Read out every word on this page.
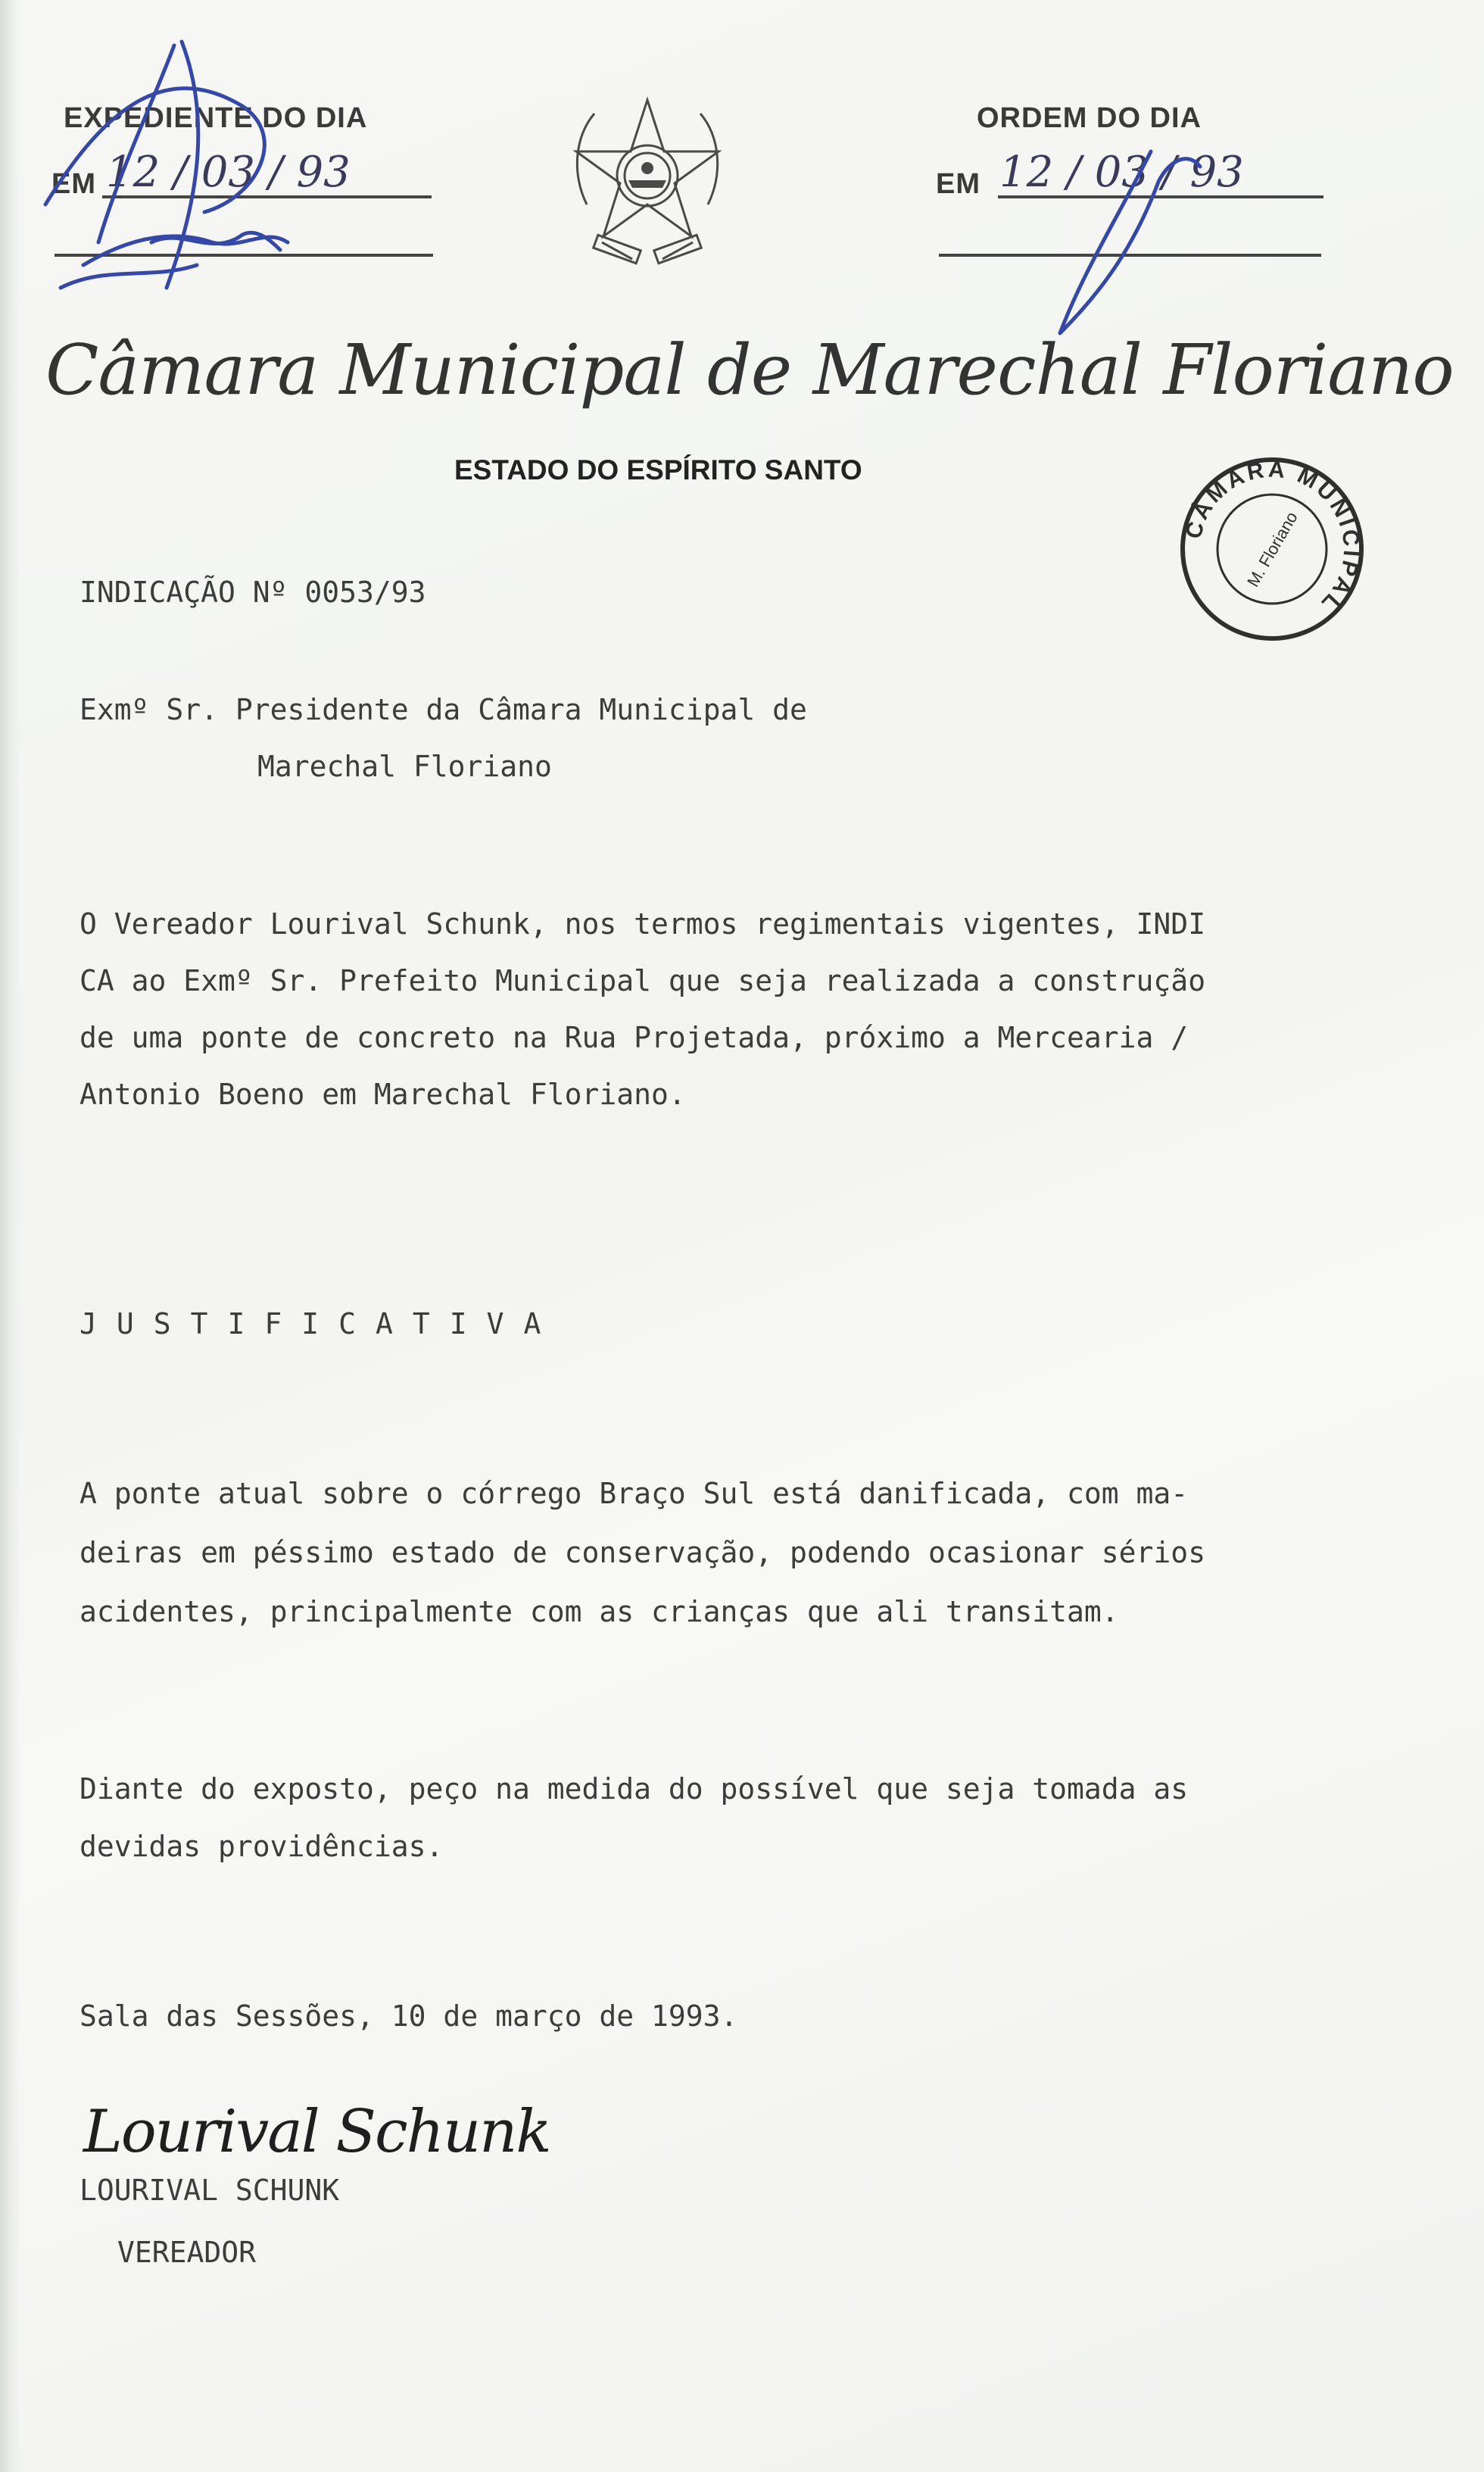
EXPEDIENTE DO DIA
EM 12 / 03 / 93
ORDEM DO DIA
EM 12 / 03 / 93
Câmara Municipal de Marechal Floriano
ESTADO DO ESPÍRITO SANTO
CÂMARA MUNICIPAL
M. Floriano
INDICAÇÃO Nº 0053/93
Exmº Sr. Presidente da Câmara Municipal de
Marechal Floriano
O Vereador Lourival Schunk, nos termos regimentais vigentes, INDI
CA ao Exmº Sr. Prefeito Municipal que seja realizada a construção
de uma ponte de concreto na Rua Projetada, próximo a Mercearia /
Antonio Boeno em Marechal Floriano.
JUSTIFICATIVA
A ponte atual sobre o córrego Braço Sul está danificada, com ma-
deiras em péssimo estado de conservação, podendo ocasionar sérios
acidentes, principalmente com as crianças que ali transitam.
Diante do exposto, peço na medida do possível que seja tomada as
devidas providências.
Sala das Sessões, 10 de março de 1993.
Lourival Schunk
LOURIVAL SCHUNK
VEREADOR
